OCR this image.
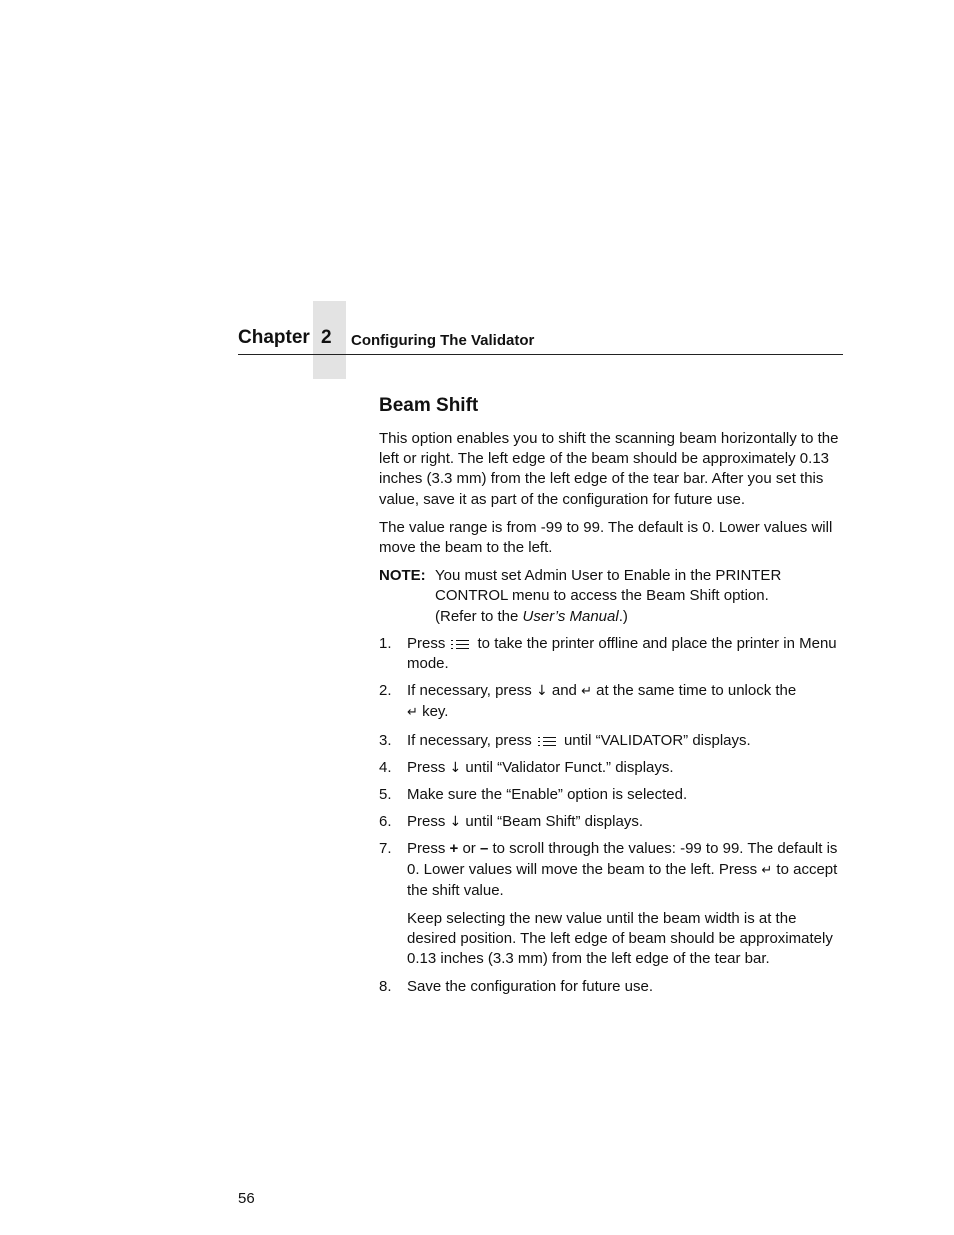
Chapter 2 Configuring The Validator
Beam Shift

This option enables you to shift the scanning beam horizontally to the left or right. The left edge of the beam should be approximately 0.13 inches (3.3 mm) from the left edge of the tear bar. After you set this value, save it as part of the configuration for future use.

The value range is from -99 to 99. The default is 0. Lower values will move the beam to the left.

NOTE: You must set Admin User to Enable in the PRINTER CONTROL menu to access the Beam Shift option.
(Refer to the User’s Manual.)
1.	Press to take the printer offline and place the printer in Menu mode.
2.	If necessary, press ↓ and ↵ at the same time to unlock the
↵ key.
3.	If necessary, press until “VALIDATOR” displays.
4.	Press ↓ until “Validator Funct.” displays.
5.	Make sure the “Enable” option is selected.
6.	Press ↓ until “Beam Shift” displays.
7.	Press + or – to scroll through the values: -99 to 99. The default is 0. Lower values will move the beam to the left. Press ↵ to accept the shift value.

Keep selecting the new value until the beam width is at the desired position. The left edge of beam should be approximately 0.13 inches (3.3 mm) from the left edge of the tear bar.

8.	Save the configuration for future use.
56
